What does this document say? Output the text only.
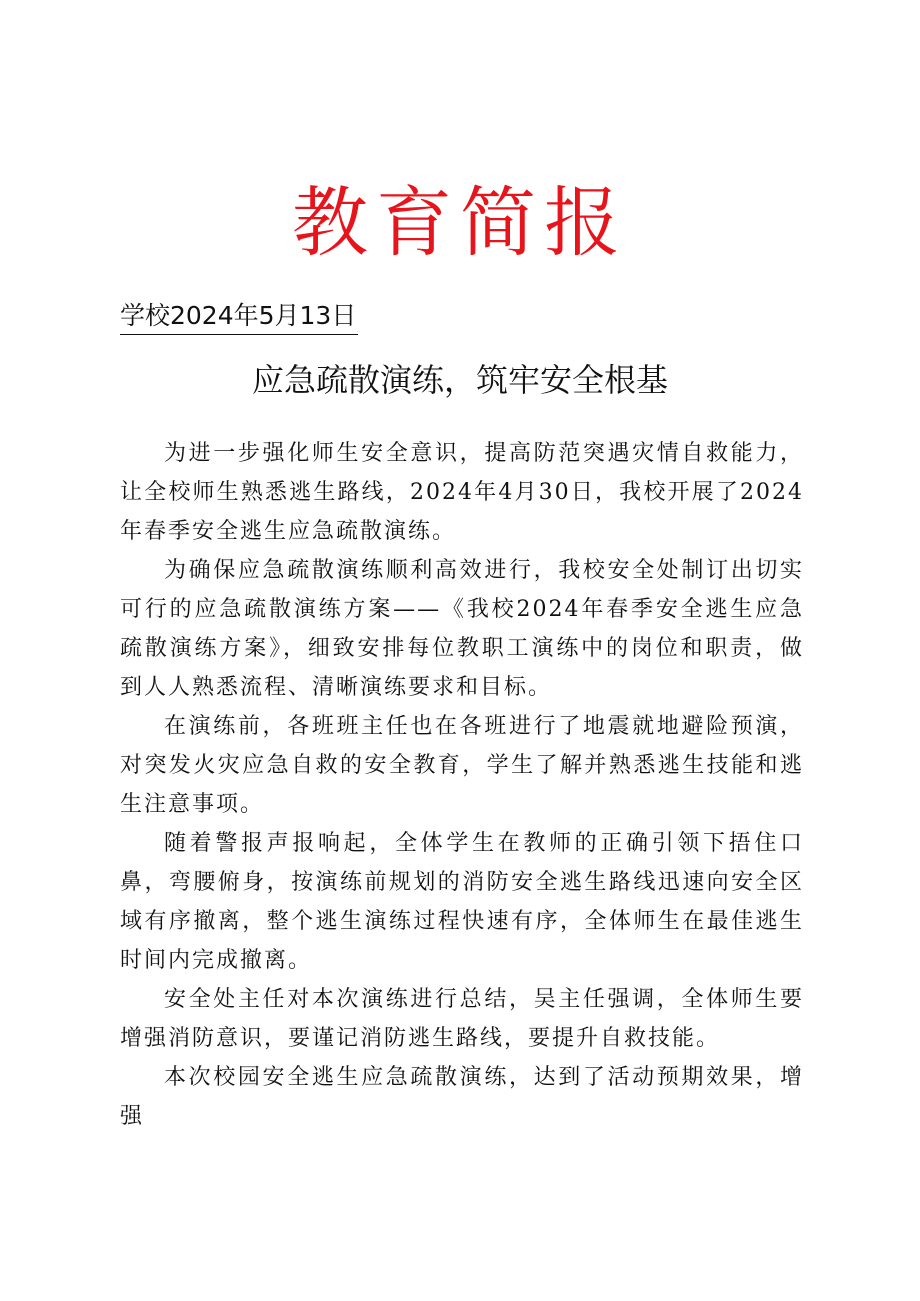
教育简报
学校2024年5月13日
应急疏散演练，筑牢安全根基

为进一步强化师生安全意识，提高防范突遇灾情自救能力，让全校师生熟悉逃生路线，2024年4月30日，我校开展了2024年春季安全逃生应急疏散演练。

为确保应急疏散演练顺利高效进行，我校安全处制订出切实可行的应急疏散演练方案——《我校2024年春季安全逃生应急疏散演练方案》，细致安排每位教职工演练中的岗位和职责，做到人人熟悉流程、清晰演练要求和目标。

在演练前，各班班主任也在各班进行了地震就地避险预演，对突发火灾应急自救的安全教育，学生了解并熟悉逃生技能和逃生注意事项。

随着警报声报响起，全体学生在教师的正确引领下捂住口鼻，弯腰俯身，按演练前规划的消防安全逃生路线迅速向安全区域有序撤离，整个逃生演练过程快速有序，全体师生在最佳逃生时间内完成撤离。

安全处主任对本次演练进行总结，吴主任强调，全体师生要增强消防意识，要谨记消防逃生路线，要提升自救技能。

本次校园安全逃生应急疏散演练，达到了活动预期效果，增强
